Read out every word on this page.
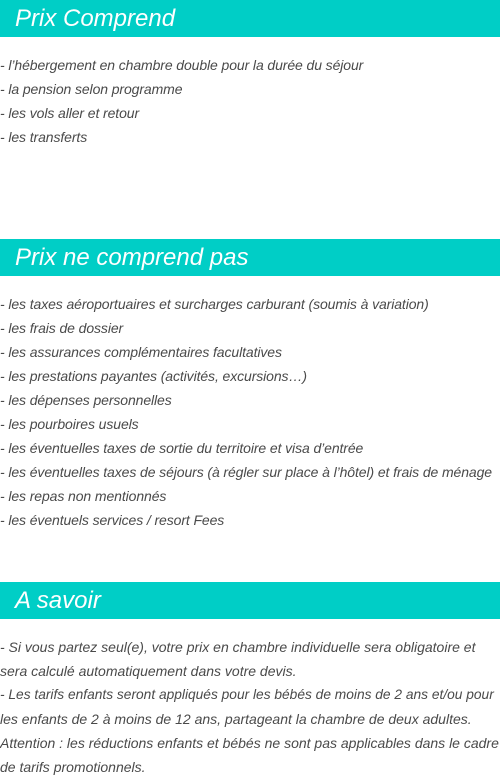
Prix Comprend
- l’hébergement en chambre double pour la durée du séjour
- la pension selon programme
- les vols aller et retour
- les transferts
Prix ne comprend pas
- les taxes aéroportuaires et surcharges carburant (soumis à variation)
- les frais de dossier
- les assurances complémentaires facultatives
- les prestations payantes (activités, excursions…)
- les dépenses personnelles
- les pourboires usuels
- les éventuelles taxes de sortie du territoire et visa d’entrée
- les éventuelles taxes de séjours (à régler sur place à l’hôtel) et frais de ménage
- les repas non mentionnés
- les éventuels services / resort Fees
A savoir

- Si vous partez seul(e), votre prix en chambre individuelle sera obligatoire et

sera calculé automatiquement dans votre devis.

- Les tarifs enfants seront appliqués pour les bébés de moins de 2 ans et/ou pour

les enfants de 2 à moins de 12 ans, partageant la chambre de deux adultes.

Attention : les réductions enfants et bébés ne sont pas applicables dans le cadre

de tarifs promotionnels.
